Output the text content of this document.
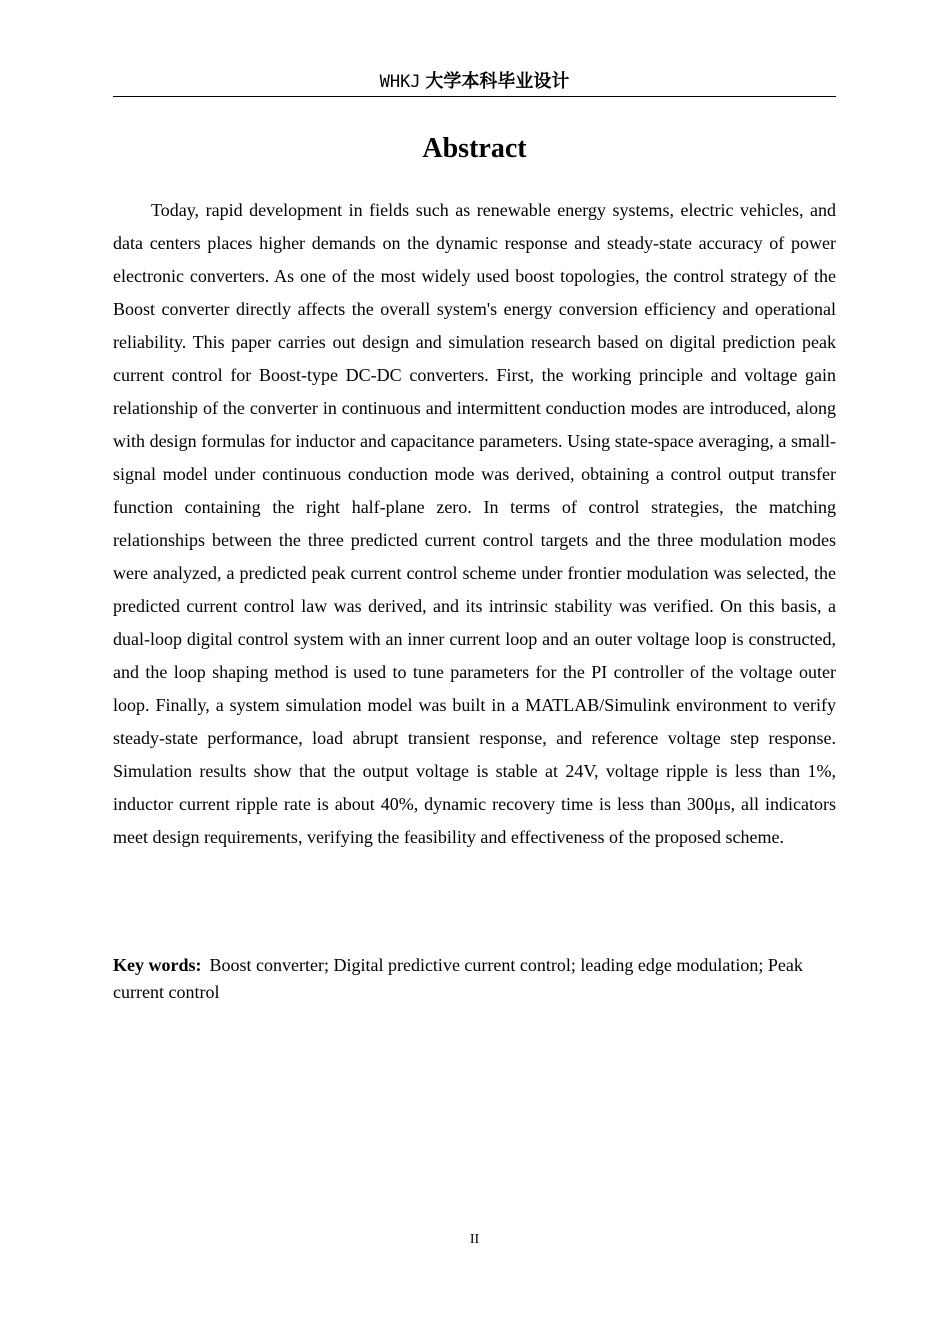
WHKJ 大学本科毕业设计
Abstract

Today, rapid development in fields such as renewable energy systems, electric vehicles, and data centers places higher demands on the dynamic response and steady-state accuracy of power electronic converters. As one of the most widely used boost topologies, the control strategy of the Boost converter directly affects the overall system's energy conversion efficiency and operational reliability. This paper carries out design and simulation research based on digital prediction peak current control for Boost-type DC-DC converters. First, the working principle and voltage gain relationship of the converter in continuous and intermittent conduction modes are introduced, along with design formulas for inductor and capacitance parameters. Using state-space averaging, a small-signal model under continuous conduction mode was derived, obtaining a control output transfer function containing the right half-plane zero. In terms of control strategies, the matching relationships between the three predicted current control targets and the three modulation modes were analyzed, a predicted peak current control scheme under frontier modulation was selected, the predicted current control law was derived, and its intrinsic stability was verified. On this basis, a dual-loop digital control system with an inner current loop and an outer voltage loop is constructed, and the loop shaping method is used to tune parameters for the PI controller of the voltage outer loop. Finally, a system simulation model was built in a MATLAB/Simulink environment to verify steady-state performance, load abrupt transient response, and reference voltage step response. Simulation results show that the output voltage is stable at 24V, voltage ripple is less than 1%, inductor current ripple rate is about 40%, dynamic recovery time is less than 300μs, all indicators meet design requirements, verifying the feasibility and effectiveness of the proposed scheme.

Key words: Boost converter; Digital predictive current control; leading edge modulation; Peak current control

II
